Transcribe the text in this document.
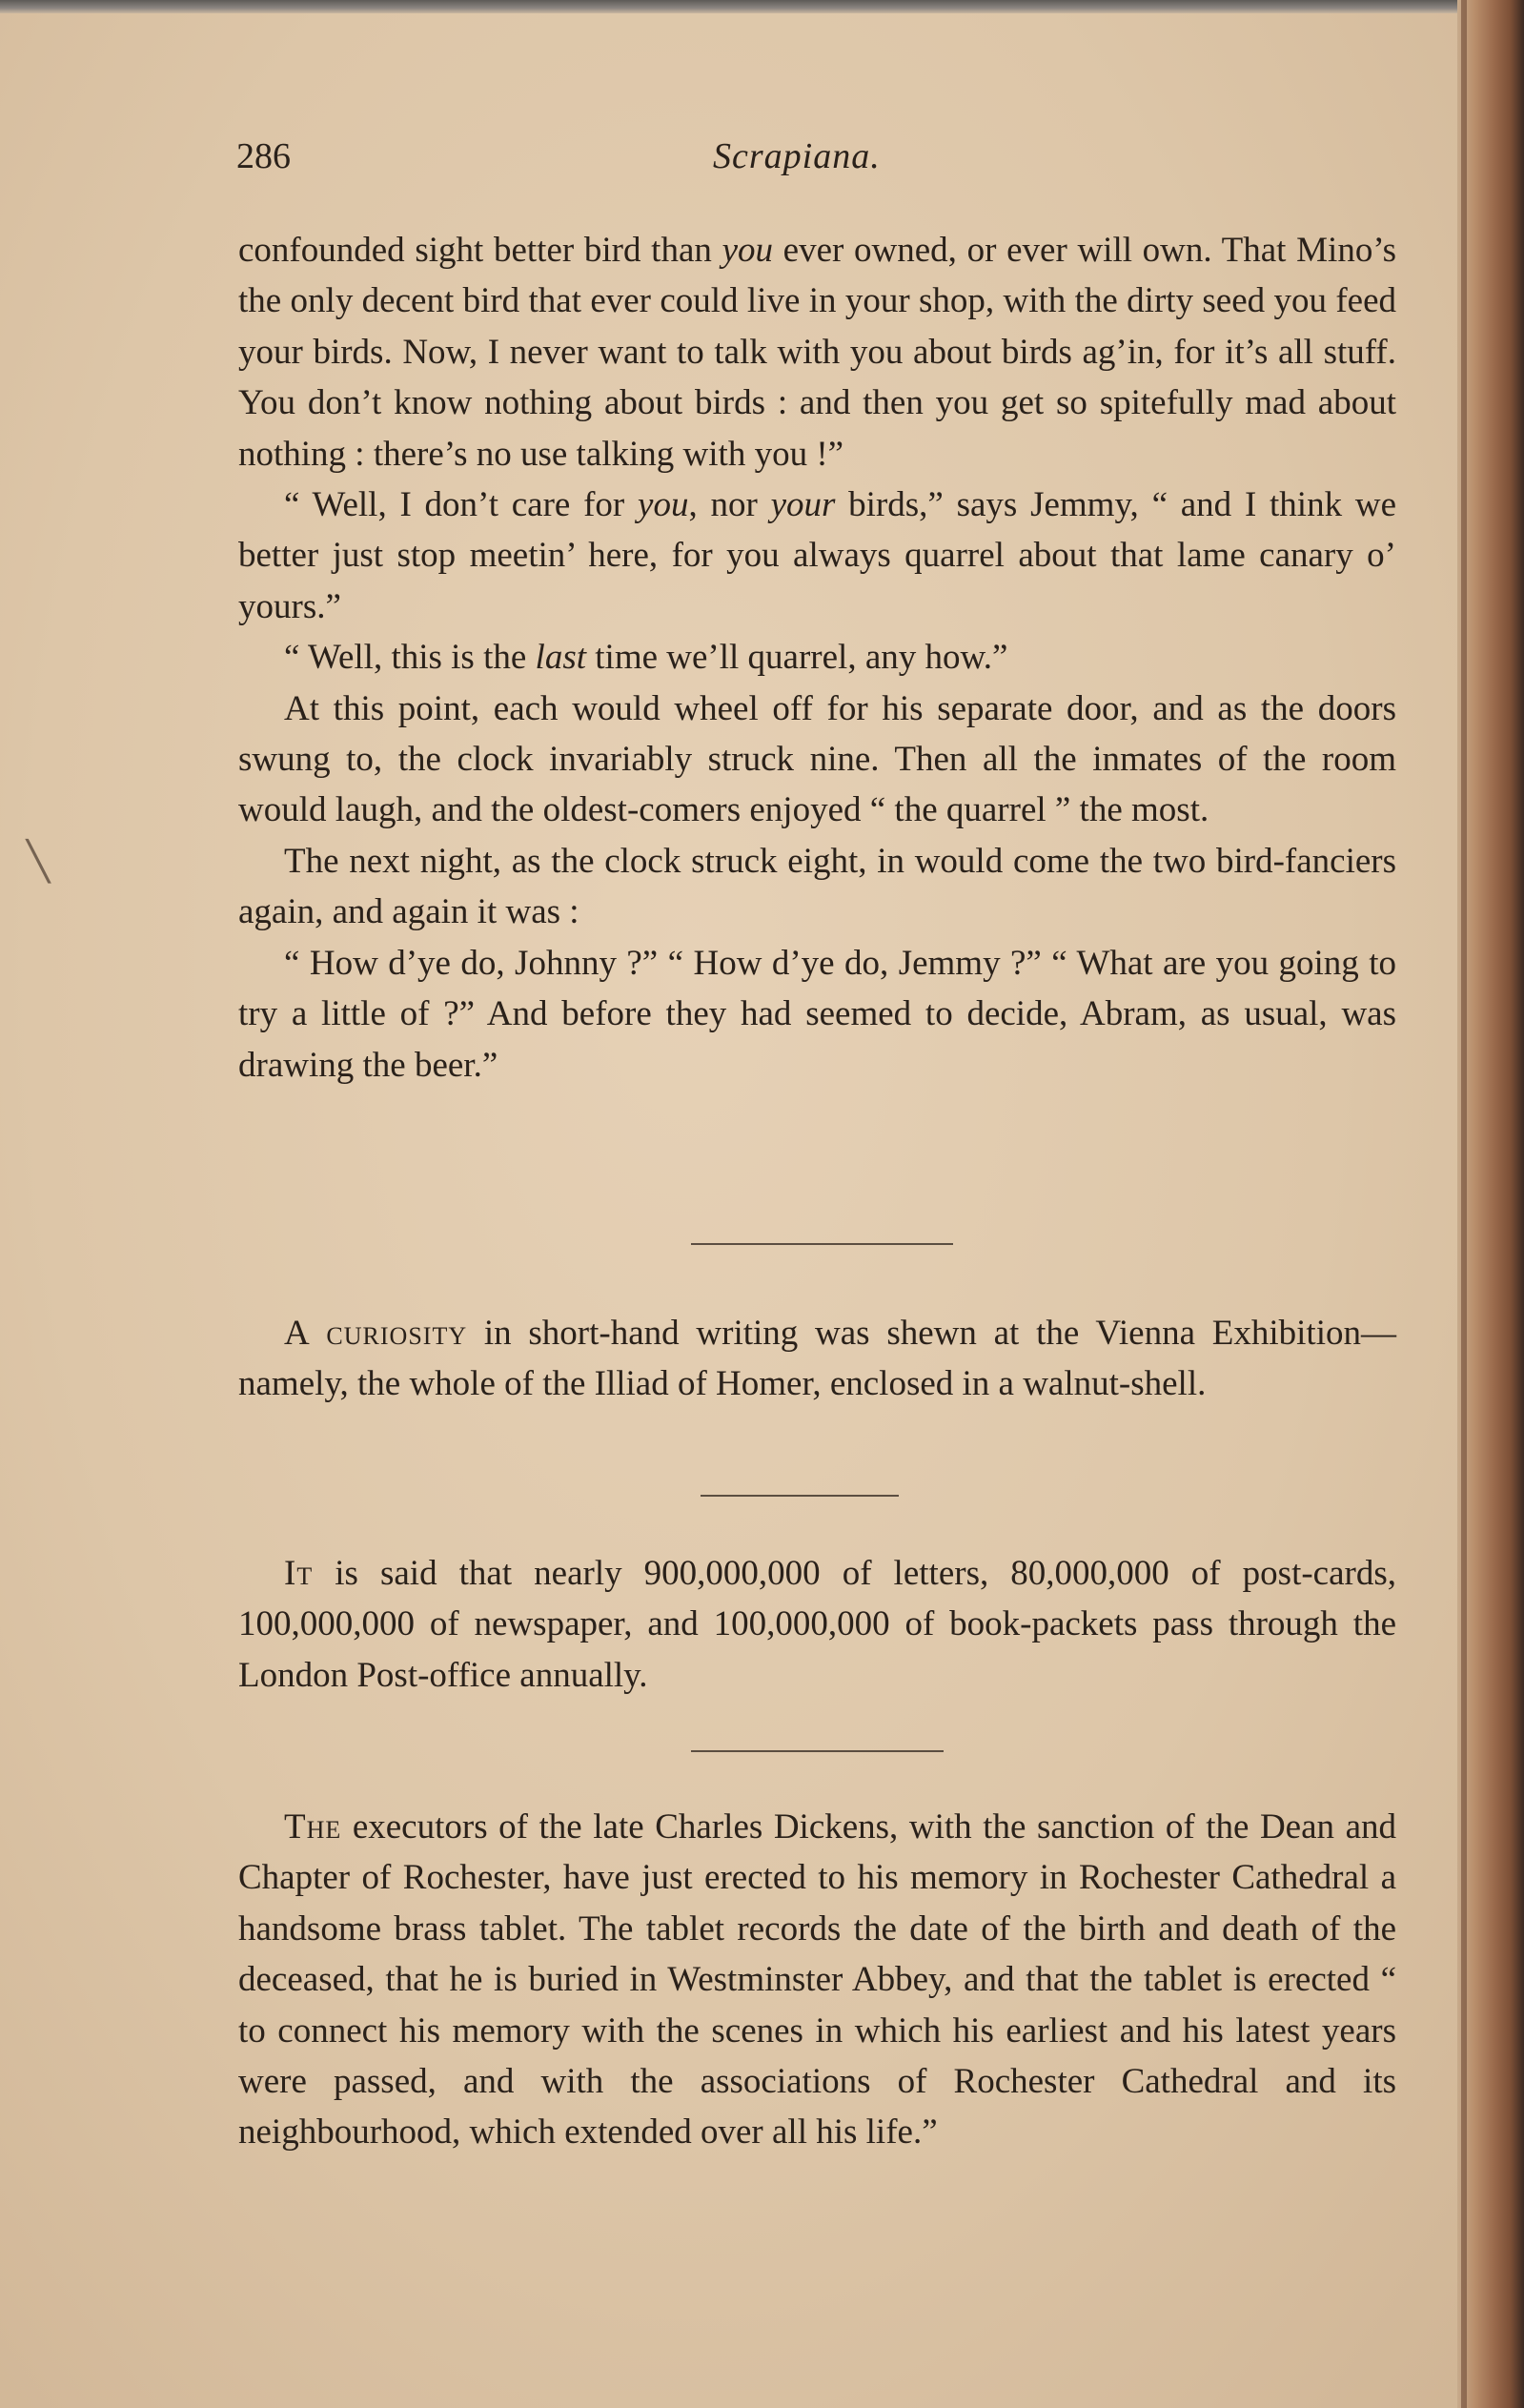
286	Scrapiana.

confounded sight better bird than you ever owned, or ever will own. That Mino’s the only decent bird that ever could live in your shop, with the dirty seed you feed your birds. Now, I never want to talk with you about birds ag’in, for it’s all stuff. You don’t know nothing about birds : and then you get so spitefully mad about nothing : there’s no use talking with you !”

“ Well, I don’t care for you, nor your birds,” says Jemmy, “ and I think we better just stop meetin’ here, for you always quarrel about that lame canary o’ yours.”

“ Well, this is the last time we’ll quarrel, any how.”

At this point, each would wheel off for his separate door, and as the doors swung to, the clock invariably struck nine. Then all the inmates of the room would laugh, and the oldest-comers enjoyed “ the quarrel ” the most.

The next night, as the clock struck eight, in would come the two bird-fanciers again, and again it was :

“ How d’ye do, Johnny ?” “ How d’ye do, Jemmy ?” “ What are you going to try a little of ?” And before they had seemed to decide, Abram, as usual, was drawing the beer.”

A curiosity in short-hand writing was shewn at the Vienna Exhibition—namely, the whole of the Illiad of Homer, enclosed in a walnut-shell.

It is said that nearly 900,000,000 of letters, 80,000,000 of post-cards, 100,000,000 of newspaper, and 100,000,000 of book-packets pass through the London Post-office annually.

The executors of the late Charles Dickens, with the sanction of the Dean and Chapter of Rochester, have just erected to his memory in Rochester Cathedral a handsome brass tablet. The tablet records the date of the birth and death of the deceased, that he is buried in Westminster Abbey, and that the tablet is erected “ to connect his memory with the scenes in which his earliest and his latest years were passed, and with the associations of Rochester Cathedral and its neighbourhood, which extended over all his life.”

╲
